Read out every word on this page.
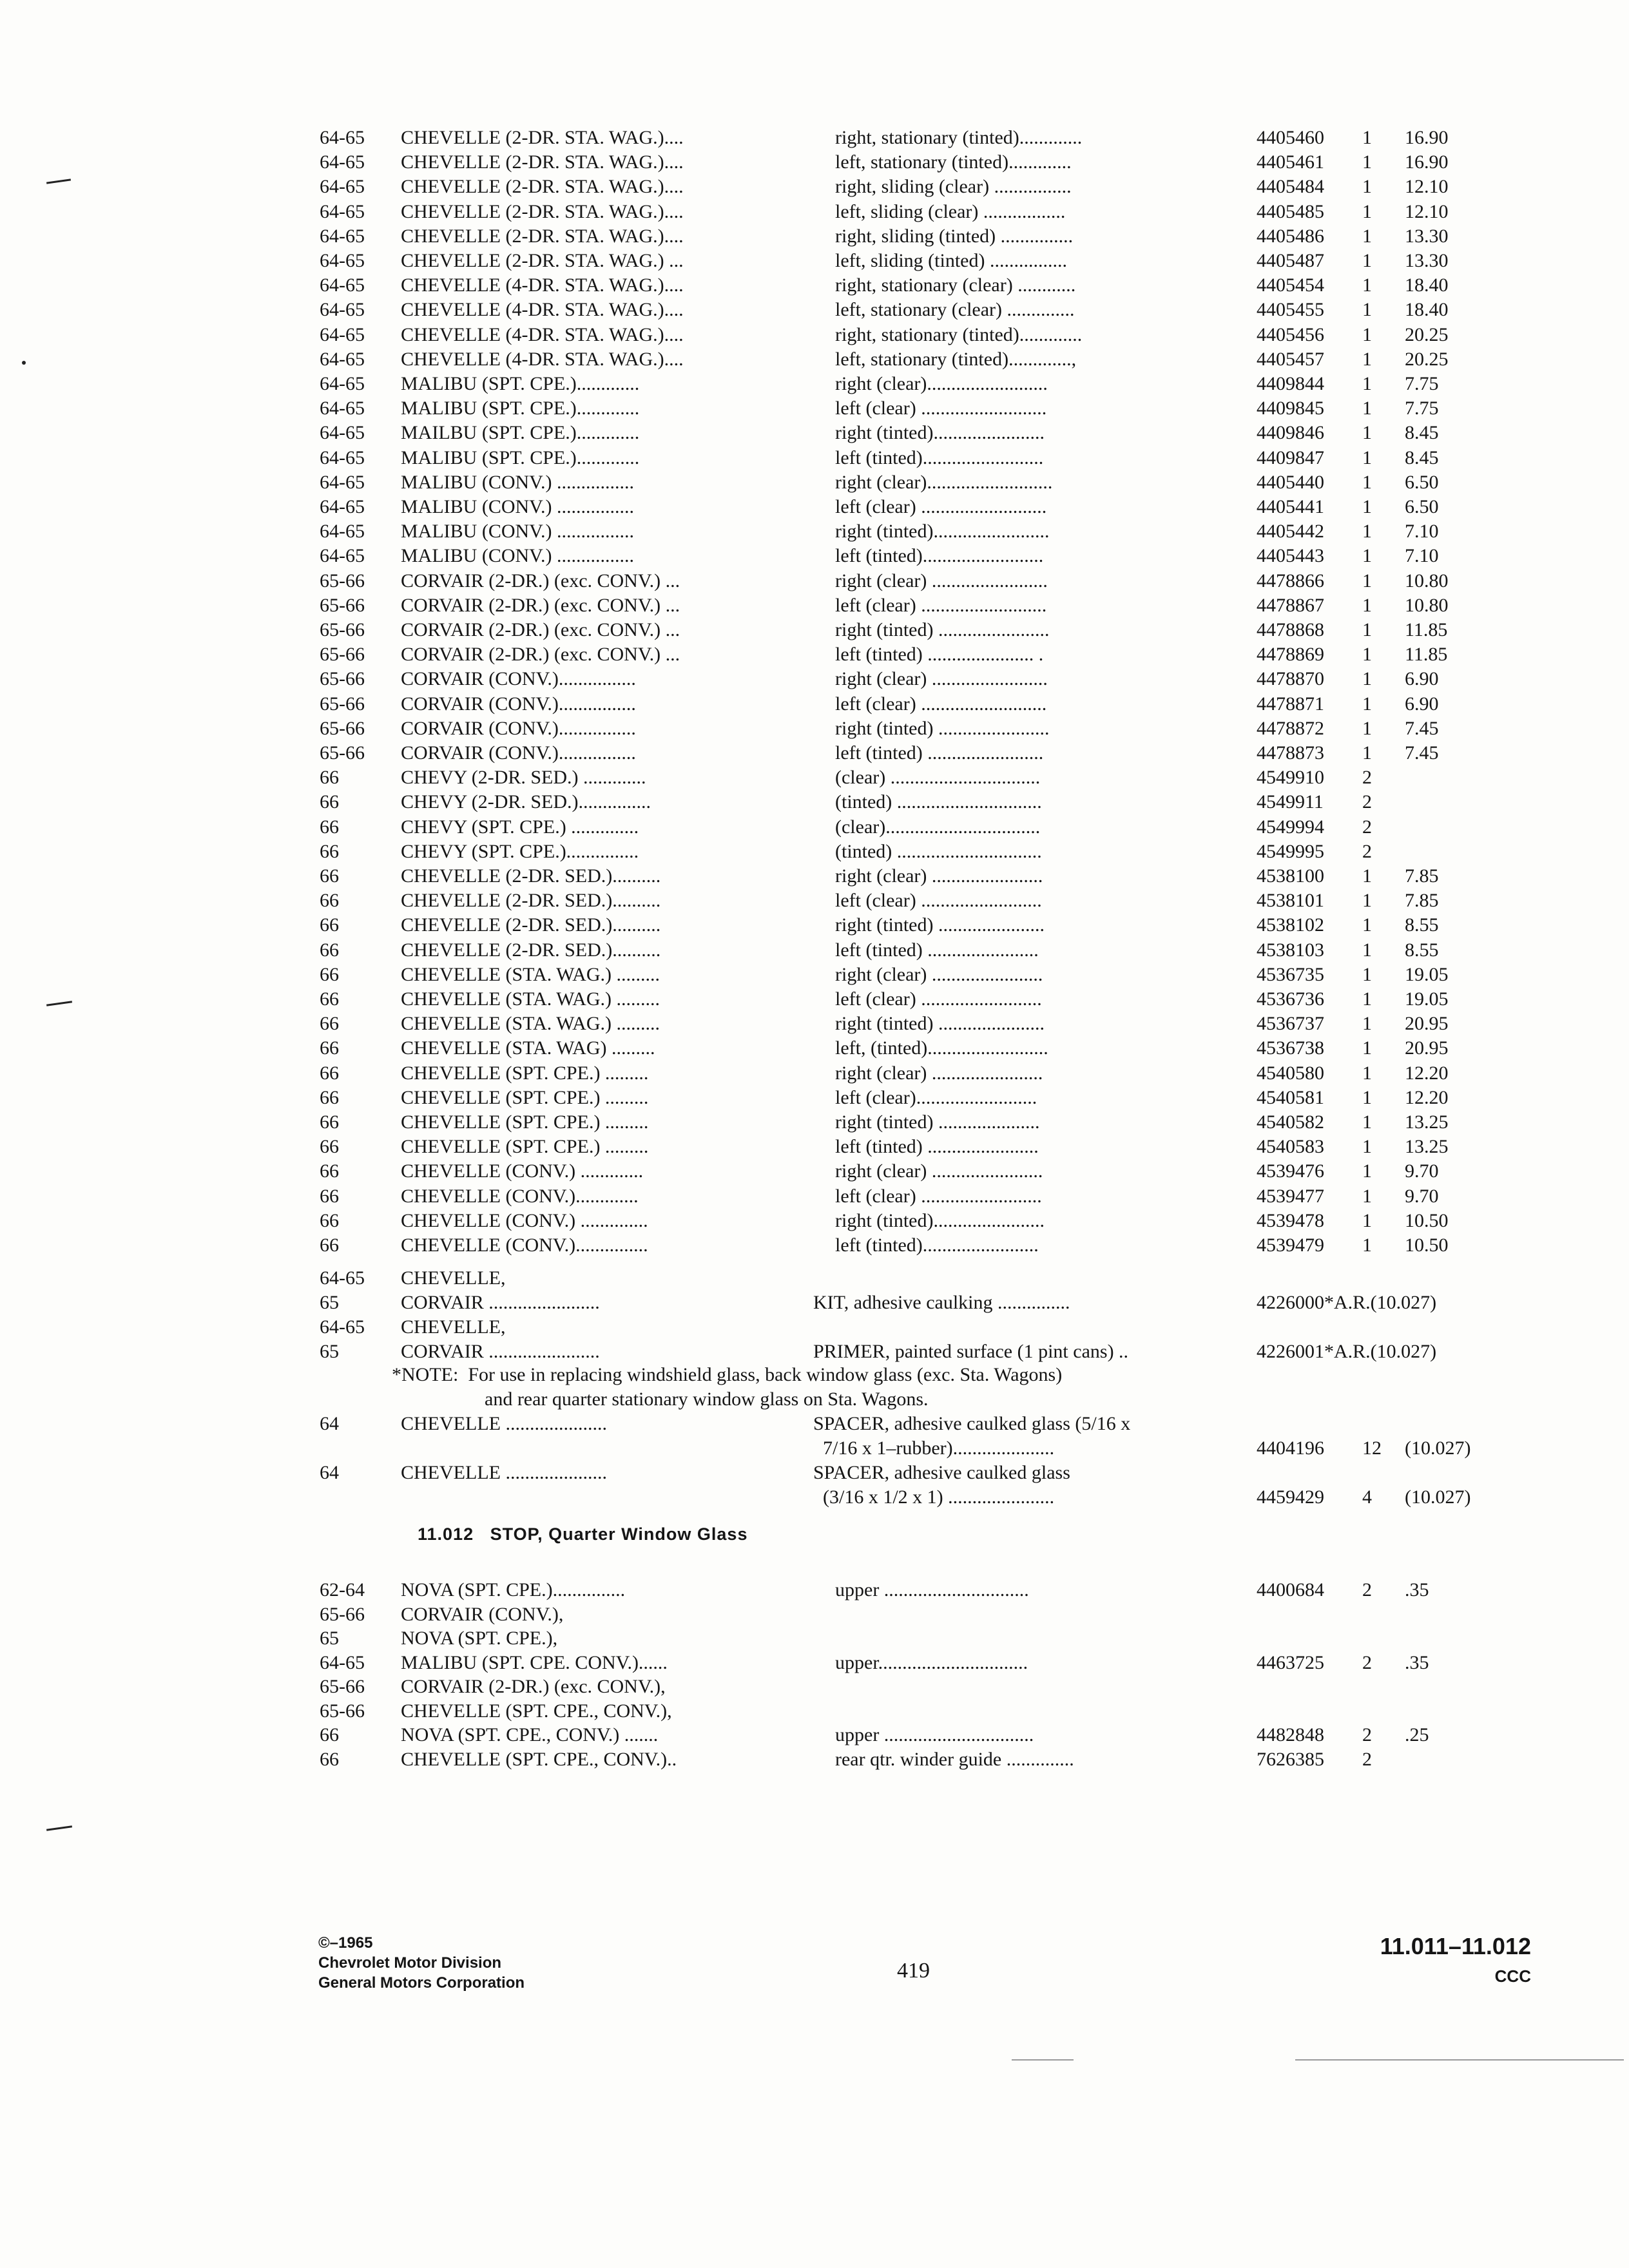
64-65 CHEVELLE (2-DR. STA. WAG.)....	right, stationary (tinted).............	4405460 1 16.90
64-65 CHEVELLE (2-DR. STA. WAG.)....	left, stationary (tinted).............	4405461 1 16.90
64-65 CHEVELLE (2-DR. STA. WAG.)....	right, sliding (clear) ................	4405484 1 12.10
64-65 CHEVELLE (2-DR. STA. WAG.)....	left, sliding (clear) .................	4405485 1 12.10
64-65 CHEVELLE (2-DR. STA. WAG.)....	right, sliding (tinted) ...............	4405486 1 13.30
64-65 CHEVELLE (2-DR. STA. WAG.) ...	left, sliding (tinted) ................	4405487 1 13.30
64-65 CHEVELLE (4-DR. STA. WAG.)....	right, stationary (clear) ............	4405454 1 18.40
64-65 CHEVELLE (4-DR. STA. WAG.)....	left, stationary (clear) ..............	4405455 1 18.40
64-65 CHEVELLE (4-DR. STA. WAG.)....	right, stationary (tinted).............	4405456 1 20.25
64-65 CHEVELLE (4-DR. STA. WAG.)....	left, stationary (tinted).............,	4405457 1 20.25
64-65 MALIBU (SPT. CPE.).............	right (clear).........................	4409844 1 7.75
64-65 MALIBU (SPT. CPE.).............	left (clear) ..........................	4409845 1 7.75
64-65 MAILBU (SPT. CPE.).............	right (tinted).......................	4409846 1 8.45
64-65 MALIBU (SPT. CPE.).............	left (tinted).........................	4409847 1 8.45
64-65 MALIBU (CONV.) ................	right (clear)..........................	4405440 1 6.50
64-65 MALIBU (CONV.) ................	left (clear) ..........................	4405441 1 6.50
64-65 MALIBU (CONV.) ................	right (tinted)........................	4405442 1 7.10
64-65 MALIBU (CONV.) ................	left (tinted).........................	4405443 1 7.10
65-66 CORVAIR (2-DR.) (exc. CONV.) ...	right (clear) ........................	4478866 1 10.80
65-66 CORVAIR (2-DR.) (exc. CONV.) ...	left (clear) ..........................	4478867 1 10.80
65-66 CORVAIR (2-DR.) (exc. CONV.) ...	right (tinted) .......................	4478868 1 11.85
65-66 CORVAIR (2-DR.) (exc. CONV.) ...	left (tinted) ...................... .	4478869 1 11.85
65-66 CORVAIR (CONV.)................	right (clear) ........................	4478870 1 6.90
65-66 CORVAIR (CONV.)................	left (clear) ..........................	4478871 1 6.90
65-66 CORVAIR (CONV.)................	right (tinted) .......................	4478872 1 7.45
65-66 CORVAIR (CONV.)................	left (tinted) ........................	4478873 1 7.45
66	CHEVY (2-DR. SED.) .............	(clear) ...............................	4549910 2
66	CHEVY (2-DR. SED.)...............	(tinted) ..............................	4549911 2
66	CHEVY (SPT. CPE.) ..............	(clear)................................	4549994 2
66	CHEVY (SPT. CPE.)...............	(tinted) ..............................	4549995 2
66	CHEVELLE (2-DR. SED.)..........	right (clear) .......................	4538100 1 7.85
66	CHEVELLE (2-DR. SED.)..........	left (clear) .........................	4538101 1 7.85
66	CHEVELLE (2-DR. SED.)..........	right (tinted) ......................	4538102 1 8.55
66	CHEVELLE (2-DR. SED.)..........	left (tinted) .......................	4538103 1 8.55
66	CHEVELLE (STA. WAG.) .........	right (clear) .......................	4536735 1 19.05
66	CHEVELLE (STA. WAG.) .........	left (clear) .........................	4536736 1 19.05
66	CHEVELLE (STA. WAG.) .........	right (tinted) ......................	4536737 1 20.95
66	CHEVELLE (STA. WAG) .........	left, (tinted).........................	4536738 1 20.95
66	CHEVELLE (SPT. CPE.) .........	right (clear) .......................	4540580 1 12.20
66	CHEVELLE (SPT. CPE.) .........	left (clear).........................	4540581 1 12.20
66	CHEVELLE (SPT. CPE.) .........	right (tinted) .....................	4540582 1 13.25
66	CHEVELLE (SPT. CPE.) .........	left (tinted) .......................	4540583 1 13.25
66	CHEVELLE (CONV.) .............	right (clear) .......................	4539476 1 9.70
66	CHEVELLE (CONV.).............	left (clear) .........................	4539477 1 9.70
66	CHEVELLE (CONV.) ..............	right (tinted).......................	4539478 1 10.50
66	CHEVELLE (CONV.)...............	left (tinted)........................	4539479 1 10.50
64-65 CHEVELLE,
65	CORVAIR .......................	KIT, adhesive caulking ...............	4226000*A.R.(10.027)
64-65 CHEVELLE,
65	CORVAIR .......................	PRIMER, painted surface (1 pint cans) ..	4226001*A.R.(10.027)
64	CHEVELLE .....................	SPACER, adhesive caulked glass (5/16 x
7/16 x 1–rubber).....................	4404196 12 (10.027)
64	CHEVELLE .....................	SPACER, adhesive caulked glass
(3/16 x 1/2 x 1) ......................	4459429 4 (10.027)
62-64 NOVA (SPT. CPE.)...............	upper ..............................	4400684 2 .35
65-66 CORVAIR (CONV.),
65	NOVA (SPT. CPE.),
64-65 MALIBU (SPT. CPE. CONV.)......	upper...............................	4463725 2 .35
65-66 CORVAIR (2-DR.) (exc. CONV.),
65-66 CHEVELLE (SPT. CPE., CONV.),
66	NOVA (SPT. CPE., CONV.) .......	upper ...............................	4482848 2 .25
66	CHEVELLE (SPT. CPE., CONV.)..	rear qtr. winder guide ..............	7626385 2
*NOTE:  For use in replacing windshield glass, back window glass (exc. Sta. Wagons)
and rear quarter stationary window glass on Sta. Wagons.
11.012   STOP, Quarter Window Glass
©–1965
Chevrolet Motor Division
General Motors Corporation
419
11.011–11.012
CCC
